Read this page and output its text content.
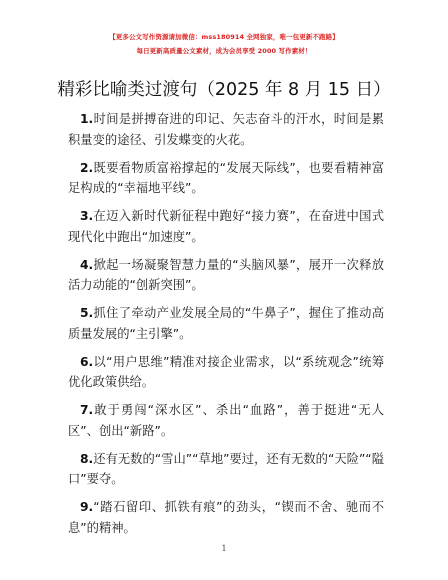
【更多公文写作资源请加微信：mss180914 全网独家，唯一包更新不跑路】
每日更新高质量公文素材，成为会员享受 2000 写作素材！
精彩比喻类过渡句（2025 年 8 月 15 日）

1.时间是拼搏奋进的印记、矢志奋斗的汗水，时间是累积量变的途径、引发蝶变的火花。

2.既要看物质富裕撑起的“发展天际线”，也要看精神富足构成的“幸福地平线”。

3.在迈入新时代新征程中跑好“接力赛”，在奋进中国式现代化中跑出“加速度”。

4.掀起一场凝聚智慧力量的“头脑风暴”，展开一次释放活力动能的“创新突围”。

5.抓住了牵动产业发展全局的“牛鼻子”，握住了推动高质量发展的“主引擎”。

6.以“用户思维”精准对接企业需求，以“系统观念”统筹优化政策供给。

7.敢于勇闯“深水区”、杀出“血路”，善于挺进“无人区”、创出“新路”。

8.还有无数的“雪山”“草地”要过，还有无数的“天险”“隘口”要夺。

9.“踏石留印、抓铁有痕”的劲头，“锲而不舍、驰而不息”的精神。

1
